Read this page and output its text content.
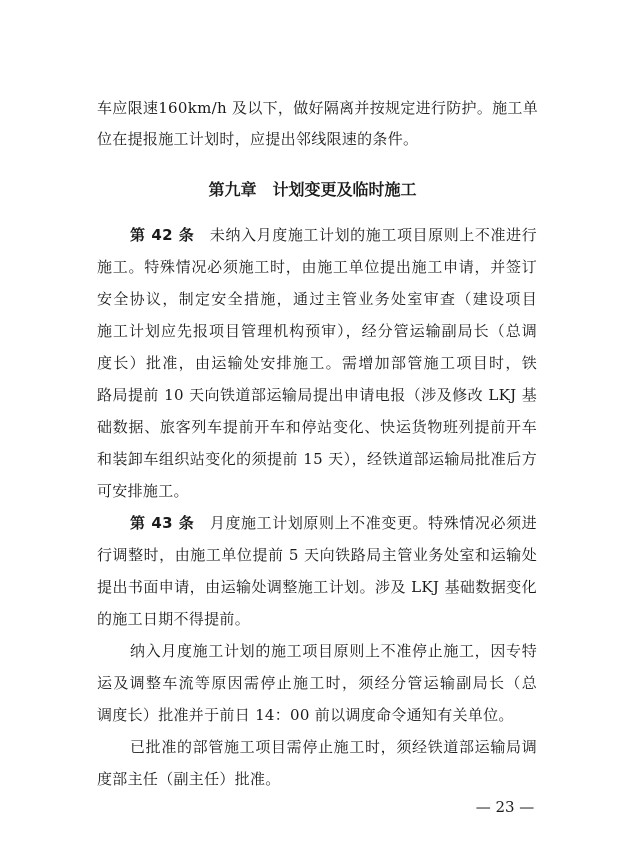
车应限速160km/h 及以下，做好隔离并按规定进行防护。施工单
位在提报施工计划时，应提出邻线限速的条件。
第九章　计划变更及临时施工
第 42 条　 未纳入月度施工计划的施工项目原则上不准进行
施工。特殊情况必须施工时，由施工单位提出施工申请，并签订
安全协议，制定安全措施，通过主管业务处室审查（建设项目
施工计划应先报项目管理机构预审），经分管运输副局长（总调
度长）批准，由运输处安排施工。需增加部管施工项目时，铁
路局提前 10 天向铁道部运输局提出申请电报（涉及修改 LKJ 基
础数据、旅客列车提前开车和停站变化、快运货物班列提前开车
和装卸车组织站变化的须提前 15 天），经铁道部运输局批准后方
可安排施工。
第 43 条　 月度施工计划原则上不准变更。特殊情况必须进
行调整时，由施工单位提前 5 天向铁路局主管业务处室和运输处
提出书面申请，由运输处调整施工计划。涉及 LKJ 基础数据变化
的施工日期不得提前。
纳入月度施工计划的施工项目原则上不准停止施工，因专特
运及调整车流等原因需停止施工时，须经分管运输副局长（总
调度长）批准并于前日 14：00 前以调度命令通知有关单位。
已批准的部管施工项目需停止施工时，须经铁道部运输局调
度部主任（副主任）批准。
— 23 —
